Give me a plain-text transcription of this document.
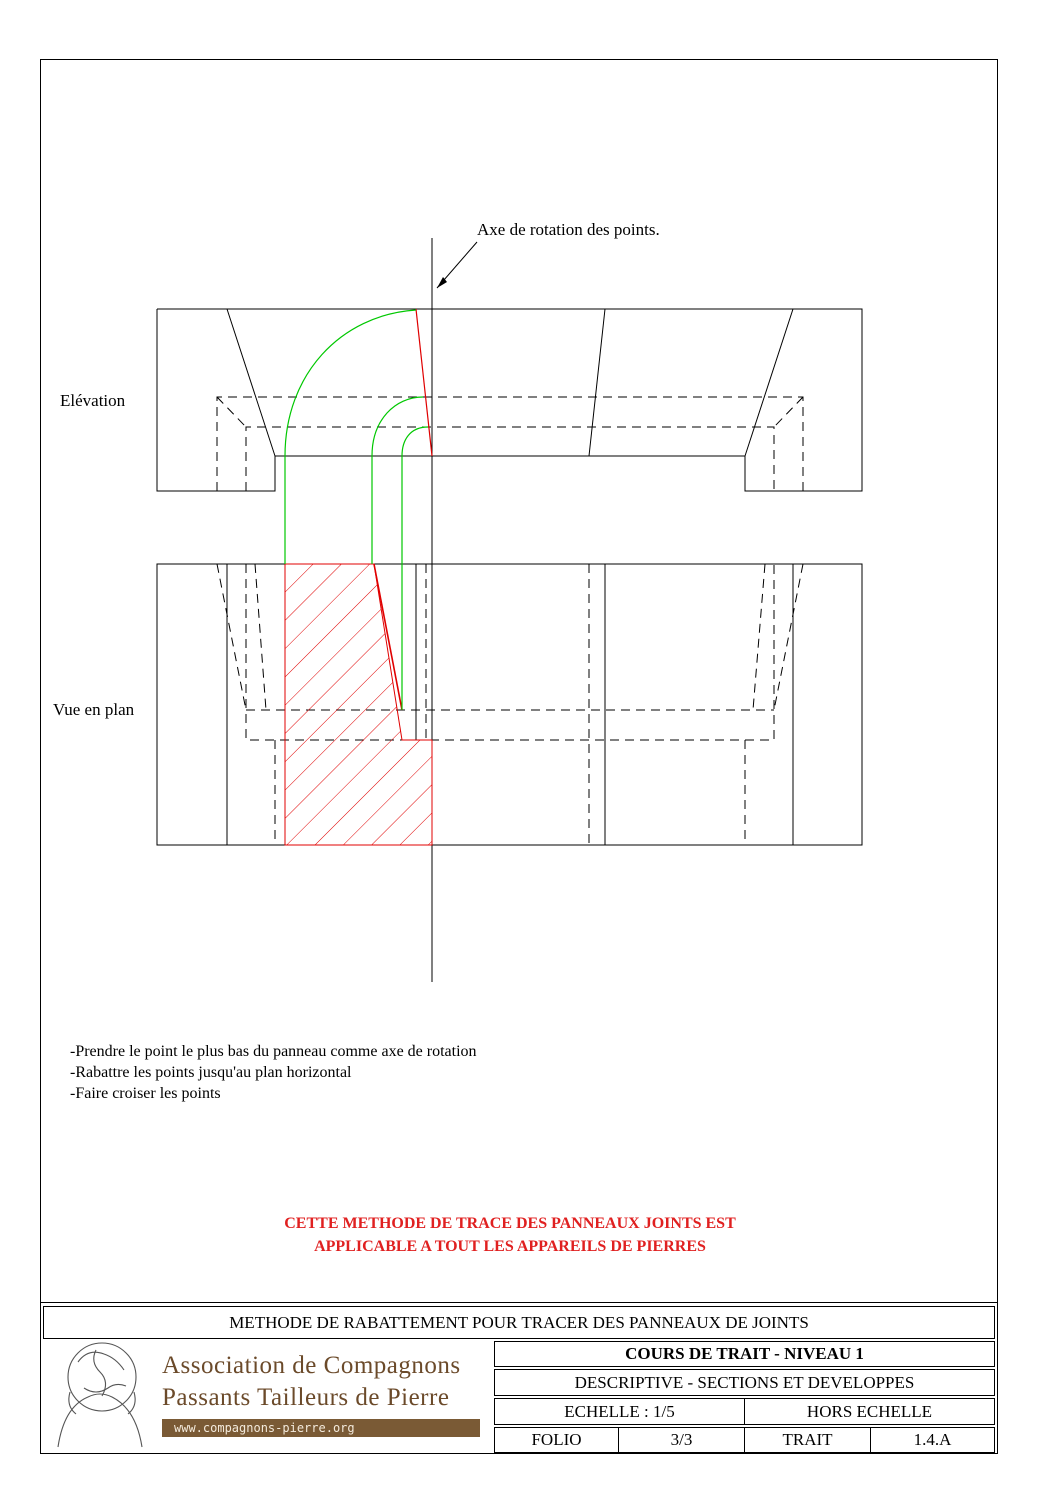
Axe de rotation des points.
Elévation
Vue en plan
-Prendre le point le plus bas du panneau comme axe de rotation
-Rabattre les points jusqu'au plan horizontal
-Faire croiser les points
CETTE METHODE DE TRACE DES PANNEAUX JOINTS EST
APPLICABLE A TOUT LES APPAREILS DE PIERRES
METHODE DE RABATTEMENT POUR TRACER DES PANNEAUX DE JOINTS
COURS DE TRAIT - NIVEAU 1
DESCRIPTIVE - SECTIONS ET DEVELOPPES
ECHELLE : 1/5	HORS ECHELLE
FOLIO	3/3	TRAIT	1.4.A
Association de Compagnons
Passants Tailleurs de Pierre
www.compagnons-pierre.org
